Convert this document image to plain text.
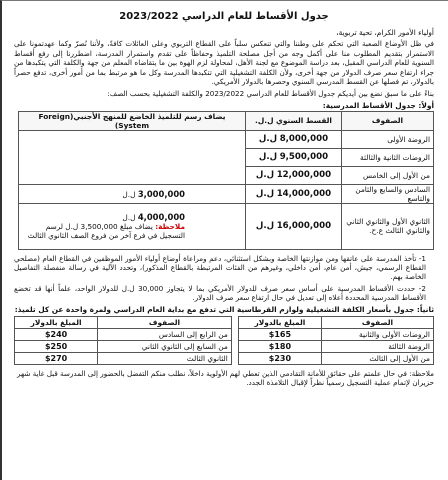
جدول الأقساط للعام الدراسي 2023/2022
أولياء الأمور الكرام، تحية تربوية،
في ظل الأوضاع الصعبة التي تحكم على وطننا والتي تنعكس سلباً على القطاع التربوي وعلى العائلات كافةً، ولأننا نُصرّ وكما عهدتمونا على الاستمرار بتقديم المطلوب منا على أكمل وجه من أجل مصلحة التلميذ وحفاظاً على تقدم واستمرار المدرسة، اضطررنا إلى رفع أقساط السنوية للعام الدراسي المقبل، بعد دراسة الموضوع مع لجنة الأهل، لمحاولة لزم الهوة بين ما يتقاضاه المعلم من جهة والكلفة التي يتكبدها من جراء ارتفاع سعر صرف الدولار من جهة أخرى، ولأن الكلفة التشغيلية التي تتكبدها المدرسة وكل ما هو مرتبط بما من أمور أخرى، تدفع حصراً بالدولار، تم فصلها عن القسط المدرسي السنوي وحصرها بالدولار الأمريكي.
بناءً على ما سبق نضع بين أيديكم جدول الأقساط للعام الدراسي 2023/2022 والكلفة التشغيلية بحسب الصف:
أولاً: جدول الأقساط المدرسية:
الصفوف	القسط السنوي ل.ل.	يضاف رسم للتلميذ الخاضع للمنهج الأجنبي(Foreign System)
الروضة الأولى	8,000,000 ل.ل	
الروضات الثانية والثالثة	9,500,000 ل.ل	
من الأول إلى الخامس	12,000,000 ل.ل	
السادس والسابع والثامن والتاسع	14,000,000 ل.ل	3,000,000 ل.ل
الثانوي الأول والثانوي الثاني والثانوي الثالث ع.ح.	16,000,000 ل.ل	4,000,000 ل.ل
ملاحظة: يضاف مبلغ 3,500,000 ل.ل لرسم التسجيل في فرع آخر من فروع الصف الثانوي الثالث
1- تأخذ المدرسة على عاتقها ومن موازنتها الخاصة وبشكل استثنائي، دعم ومراعاة أوضاع أولياء الأمور الموظفين في القطاع العام (مصلحي القطاع الرسمي، جيش، أمن عام، أمن داخلي، وغيرهم من الفئات المرتبطة بالقطاع المذكور)، وتحدد الآلية في رسالة منفصلة التفاصيل الخاصة بهم.
2- حددت الأقساط المدرسية على أساس سعر صرف للدولار الأمريكي بما لا يتجاوز 30,000 ل.ل للدولار الواحد، علماً أنها قد تخضع الأقساط المدرسية المحددة أعلاه إلى تعديل في حال ارتفاع سعر صرف الدولار.
ثانياً: جدول بأسعار الكلفة التشغيلية ولوازم القرطاسية التي تدفع مع بداية العام الدراسي ولمرة واحدة عن كل تلميذ:
الصفوف	المبلغ بالدولار		الصفوف	المبلغ بالدولار
الروضات الأولى والثانية	$165		من الرابع إلى السادس	$240
الروضة الثالثة	$180		من السابع إلى الثانوي الثاني	$250
من الأول إلى الثالث	$230		الثانوي الثالث	$270
ملاحظة: في حال علمتم على حقائق للأمانة التقادمي الذين تعطي لهم الأولوية داخلاً، نطلب منكم التفضل بالحضور إلى المدرسة قبل غاية شهر حزيران لإتمام عملية التسجيل رسمياً نظراً لإقبال التلامذة الجدد.
